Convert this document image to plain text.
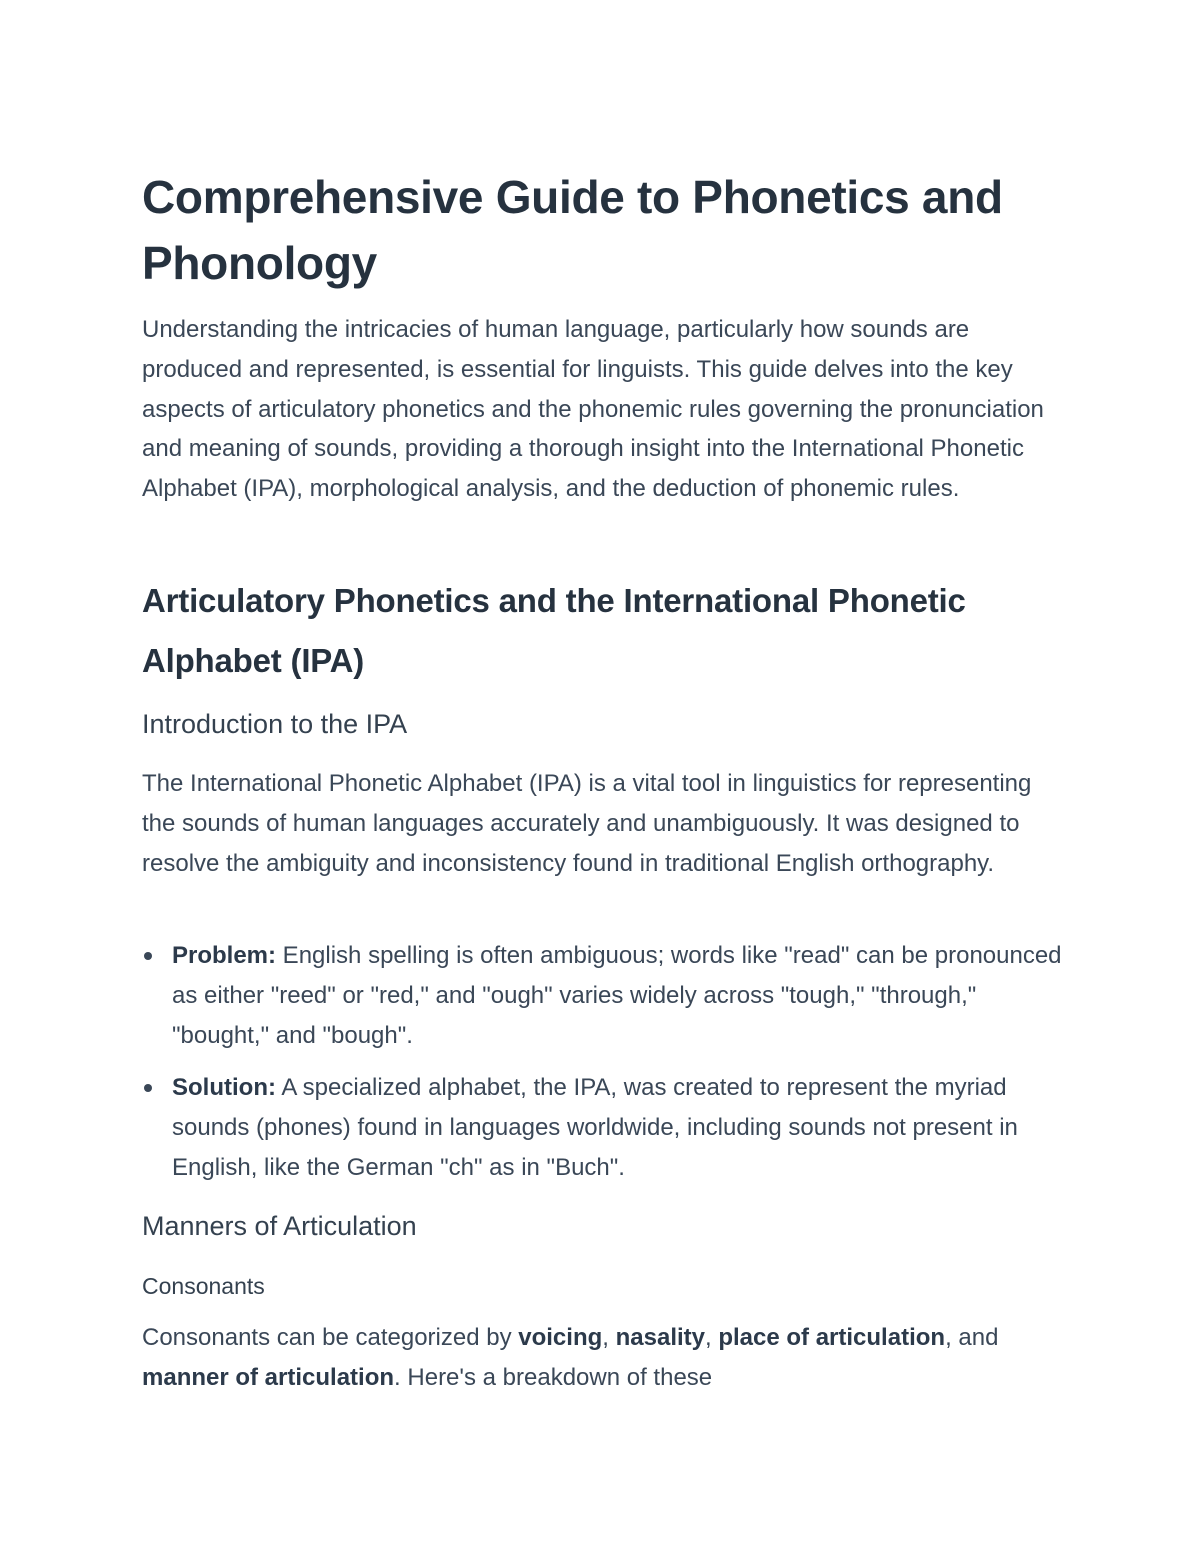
Comprehensive Guide to Phonetics and Phonology

Understanding the intricacies of human language, particularly how sounds are produced and represented, is essential for linguists. This guide delves into the key aspects of articulatory phonetics and the phonemic rules governing the pronunciation and meaning of sounds, providing a thorough insight into the International Phonetic Alphabet (IPA), morphological analysis, and the deduction of phonemic rules.

Articulatory Phonetics and the International Phonetic Alphabet (IPA)
Introduction to the IPA

The International Phonetic Alphabet (IPA) is a vital tool in linguistics for representing the sounds of human languages accurately and unambiguously. It was designed to resolve the ambiguity and inconsistency found in traditional English orthography.

Problem: English spelling is often ambiguous; words like "read" can be pronounced as either "reed" or "red," and "ough" varies widely across "tough," "through," "bought," and "bough".
Solution: A specialized alphabet, the IPA, was created to represent the myriad sounds (phones) found in languages worldwide, including sounds not present in English, like the German "ch" as in "Buch".
Manners of Articulation
Consonants

Consonants can be categorized by voicing, nasality, place of articulation, and manner of articulation. Here's a breakdown of these
